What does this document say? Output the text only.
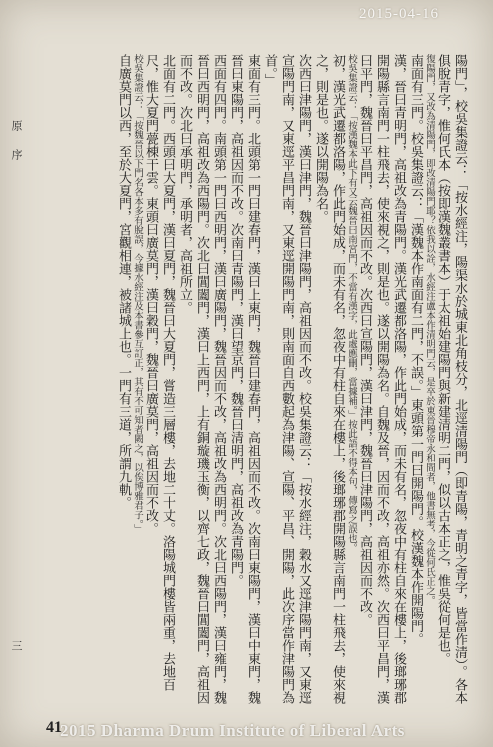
2015-04-16
原序
三	陽門」，校吳集證云：「按水經注，陽渠水於城東北角枝分，北逕清陽門（即青陽，青明之青字，皆當作清）。各本俱脫青字，惟何氏本（按即漢魏叢書本）于太祖始建陽門與新建清明二門，似以古本正之，惟吳從何是也。
復陽門，又改為清陽門，即改清陽門耶？依我以詮，水經注盧本作清明門云，是卒於東晉穆帝永和間者，他書無考，今從何氏正之。
南面有三門。校吳集證云：「漢魏本作南面有二門，不誤。」東頭第一門曰開陽門。校漢魏本作開陽門。
漢，晉曰青明門，高祖改為青陽門。漢光武遷都洛陽，作此門始成，而未有名，忽夜中有柱自來在樓上，後瑯琊郡開陽縣言南門一柱飛去，使來視之，則是也。遂以開陽為名。自魏及晉，因而不改，高祖亦然。次西曰平昌門，漢曰平門，魏晉曰平昌門，高祖因而不改。次西曰宣陽門，漢曰津門，魏晉曰津陽門，高祖因而不改。
校吳集證云：「按漢魏本此下有又云魏晉曰南宮門，不當有漢字，此處應刪，當據補。」按此語不得本句，傳寫之誤也。
初，漢光武遷都洛陽，作此門始成，而未有名，忽夜中有柱自來在樓上，後瑯琊郡開陽縣言南門一柱飛去，使來視之，則是也。遂以開陽為名。
次西曰津陽門，漢曰津門，魏晉曰津陽門，高祖因而不改。校吳集證云：「按水經注，穀水又逕津陽門南，又東逕宣陽門南，又東逕平昌門南，又東逕開陽門南，則南面自西數起為津陽、宣陽、平昌、開陽，此次序當作津陽門為首。」
東面有三門。北頭第一門曰建春門，漢曰上東門，魏晉曰建春門，高祖因而不改。次南曰東陽門，漢曰中東門，魏晉曰東陽門，高祖因而不改。次南曰青陽門，漢曰望京門，魏晉曰清明門，高祖改為青陽門。
西面有四門。南頭第一門曰西明門，漢曰廣陽門，魏晉因而不改，高祖改為西明門。次北曰西陽門，漢曰雍門，魏晉曰西明門，高祖改為西陽門。次北曰閶闔門，漢曰上西門，上有銅璇璣玉衡，以齊七政，魏晉曰閶闔門，高祖因而不改。次北曰承明門，承明者，高祖所立。
北面有二門。西頭曰大夏門，漢曰夏門，魏晉曰大夏門，嘗造三層樓，去地二十丈。洛陽城門樓皆兩重，去地百尺，惟大夏門甍棟干雲。東頭曰廣莫門，漢曰穀門，魏晉曰廣莫門，高祖因而不改。
校吳集證云：「按魏晉以下門名各本多有脫誤，今據水經注及本書參互訂正，其有不可知者闕之，以俟博雅君子。」
自廣莫門以西，至於大夏門，宮觀相連，被諸城上也。一門有三道，所謂九軌。
41
2015 Dharma Drum Institute of Liberal Arts
